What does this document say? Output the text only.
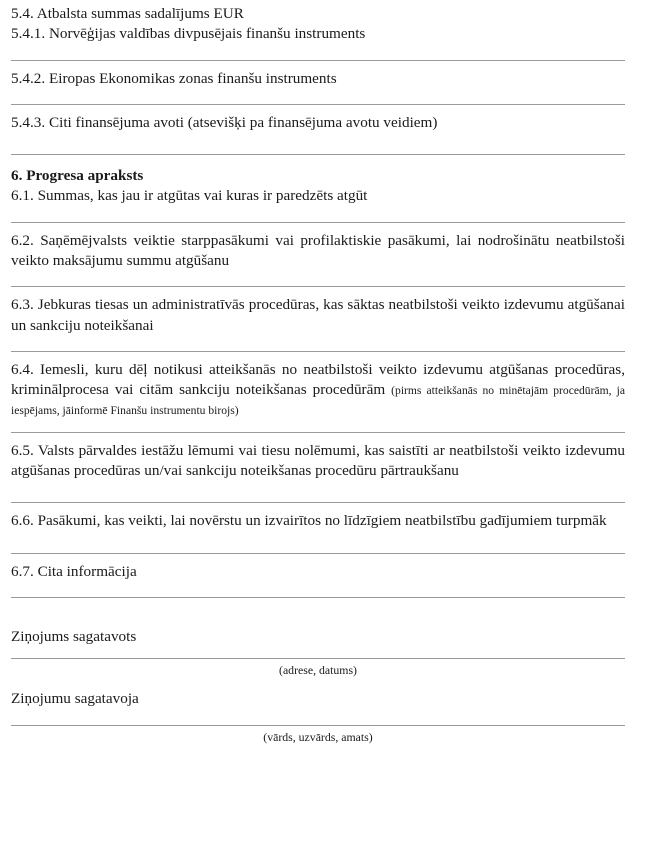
5.4. Atbalsta summas sadalījums EUR

5.4.1. Norvēģijas valdības divpusējais finanšu instruments

5.4.2. Eiropas Ekonomikas zonas finanšu instruments

5.4.3. Citi finansējuma avoti (atsevišķi pa finansējuma avotu veidiem)

6. Progresa apraksts

6.1. Summas, kas jau ir atgūtas vai kuras ir paredzēts atgūt

6.2. Saņēmējvalsts veiktie starppasākumi vai profilaktiskie pasākumi, lai nodrošinātu neatbilstoši veikto maksājumu summu atgūšanu

6.3. Jebkuras tiesas un administratīvās procedūras, kas sāktas neatbilstoši veikto izdevumu atgūšanai un sankciju noteikšanai

6.4. Iemesli, kuru dēļ notikusi atteikšanās no neatbilstoši veikto izdevumu atgūšanas procedūras, kriminālprocesa vai citām sankciju noteikšanas procedūrām (pirms atteikšanās no minētajām procedūrām, ja iespējams, jāinformē Finanšu instrumentu birojs)

6.5. Valsts pārvaldes iestāžu lēmumi vai tiesu nolēmumi, kas saistīti ar neatbilstoši veikto izdevumu atgūšanas procedūras un/vai sankciju noteikšanas procedūru pārtraukšanu

6.6. Pasākumi, kas veikti, lai novērstu un izvairītos no līdzīgiem neatbilstību gadījumiem turpmāk

6.7. Cita informācija

Ziņojums sagatavots

(adrese, datums)

Ziņojumu sagatavoja

(vārds, uzvārds, amats)
